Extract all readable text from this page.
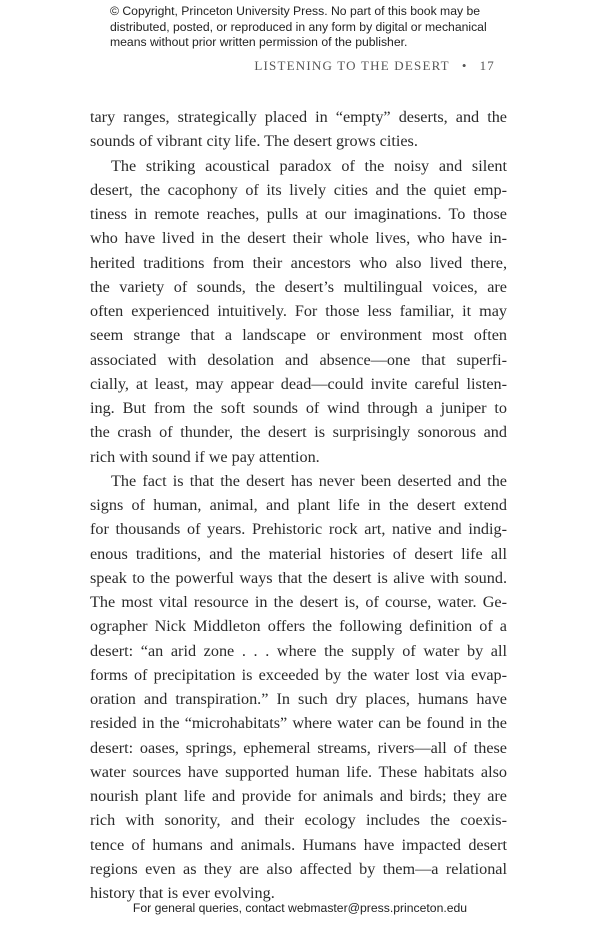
© Copyright, Princeton University Press. No part of this book may be
distributed, posted, or reproduced in any form by digital or mechanical
means without prior written permission of the publisher.
LISTENING TO THE DESERT • 17
tary ranges, strategically placed in “empty” deserts, and the
sounds of vibrant city life. The desert grows cities.
The striking acoustical paradox of the noisy and silent
desert, the cacophony of its lively cities and the quiet emp-
tiness in remote reaches, pulls at our imaginations. To those
who have lived in the desert their whole lives, who have in-
herited traditions from their ancestors who also lived there,
the variety of sounds, the desert’s multilingual voices, are
often experienced intuitively. For those less familiar, it may
seem strange that a landscape or environment most often
associated with desolation and absence—one that superfi-
cially, at least, may appear dead—could invite careful listen-
ing. But from the soft sounds of wind through a juniper to
the crash of thunder, the desert is surprisingly sonorous and
rich with sound if we pay attention.
The fact is that the desert has never been deserted and the
signs of human, animal, and plant life in the desert extend
for thousands of years. Prehistoric rock art, native and indig-
enous traditions, and the material histories of desert life all
speak to the powerful ways that the desert is alive with sound.
The most vital resource in the desert is, of course, water. Ge-
ographer Nick Middleton offers the following definition of a
desert: “an arid zone . . . where the supply of water by all
forms of precipitation is exceeded by the water lost via evap-
oration and transpiration.” In such dry places, humans have
resided in the “microhabitats” where water can be found in the
desert: oases, springs, ephemeral streams, rivers—all of these
water sources have supported human life. These habitats also
nourish plant life and provide for animals and birds; they are
rich with sonority, and their ecology includes the coexis-
tence of humans and animals. Humans have impacted desert
regions even as they are also affected by them—a relational
history that is ever evolving.
For general queries, contact webmaster@press.princeton.edu
